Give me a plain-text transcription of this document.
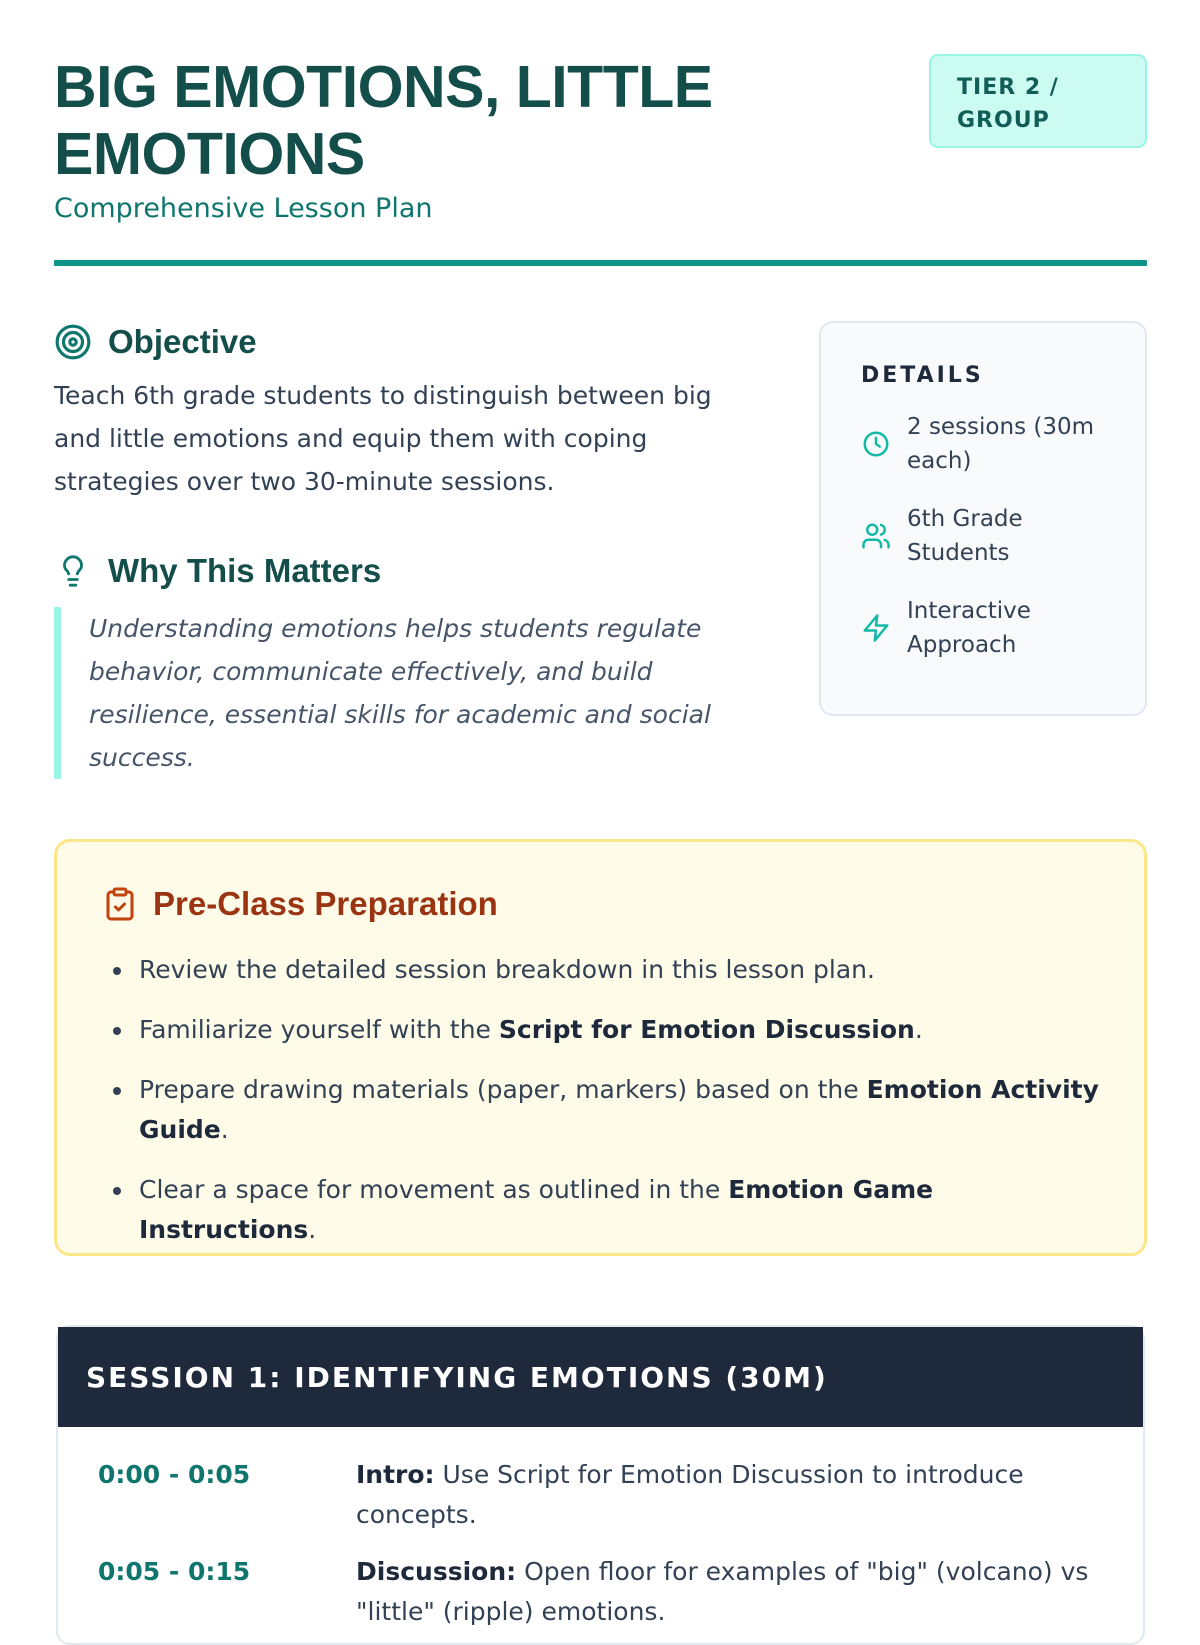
BIG EMOTIONS, LITTLE EMOTIONS

Comprehensive Lesson Plan

TIER 2 /
GROUP
Objective

Teach 6th grade students to distinguish between big and little emotions and equip them with coping strategies over two 30-minute sessions.

Why This Matters

Understanding emotions helps students regulate behavior, communicate effectively, and build resilience, essential skills for academic and social success.

DETAILS
2 sessions (30m each)
6th Grade Students
Interactive Approach
Pre-Class Preparation
Review the detailed session breakdown in this lesson plan.
Familiarize yourself with the Script for Emotion Discussion.
Prepare drawing materials (paper, markers) based on the Emotion Activity Guide.
Clear a space for movement as outlined in the Emotion Game Instructions.
SESSION 1: IDENTIFYING EMOTIONS (30M)
0:00 - 0:05	Intro: Use Script for Emotion Discussion to introduce concepts.
0:05 - 0:15	Discussion: Open floor for examples of "big" (volcano) vs "little" (ripple) emotions.
